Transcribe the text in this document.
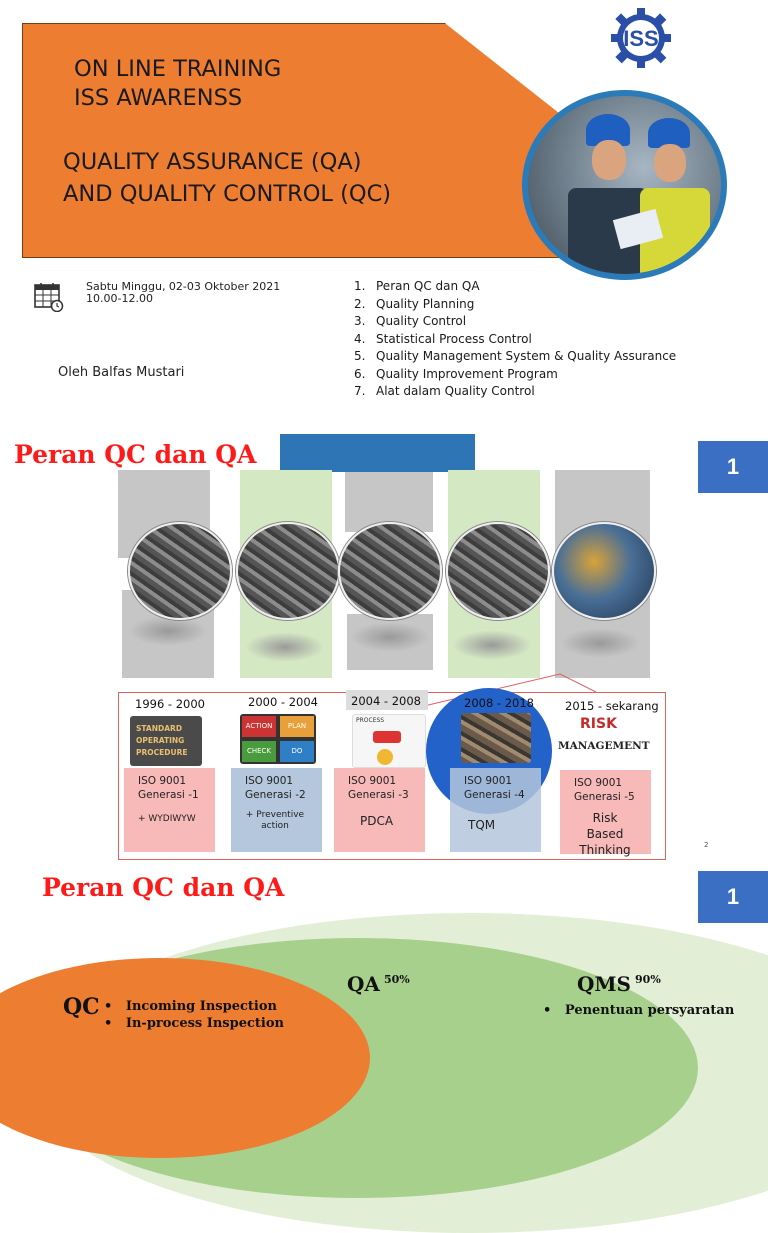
ON LINE TRAINING
ISS AWARENSS
QUALITY ASSURANCE (QA)
AND QUALITY CONTROL (QC)
ISS
Sabtu Minggu, 02-03 Oktober 2021
10.00-12.00
Oleh Balfas Mustari
1. Peran QC dan QA
2. Quality Planning
3. Quality Control
4. Statistical Process Control
5. Quality Management System & Quality Assurance
6. Quality Improvement Program
7. Alat dalam Quality Control
Peran QC dan QA	1
1996 - 2000	2000 - 2004	2004 - 2008	2008 - 2018	2015 - sekarang
STANDARD OPERATING PROCEDURE
ACTION	PLAN
CHECK	DO
PROCESS	RISK
MANAGEMENT
ISO 9001
Generasi -1
+ WYDIWYW
ISO 9001
Generasi -2
+ Preventive action
ISO 9001
Generasi -3
PDCA
ISO 9001
Generasi -4
TQM
ISO 9001
Generasi -5
Risk Based Thinking	2
Peran QC dan QA	1
QA $^{50\%}$	QMS $^{90\%}$
QC •   Incoming Inspection
•   In-process Inspection
•   Penentuan persyaratan
